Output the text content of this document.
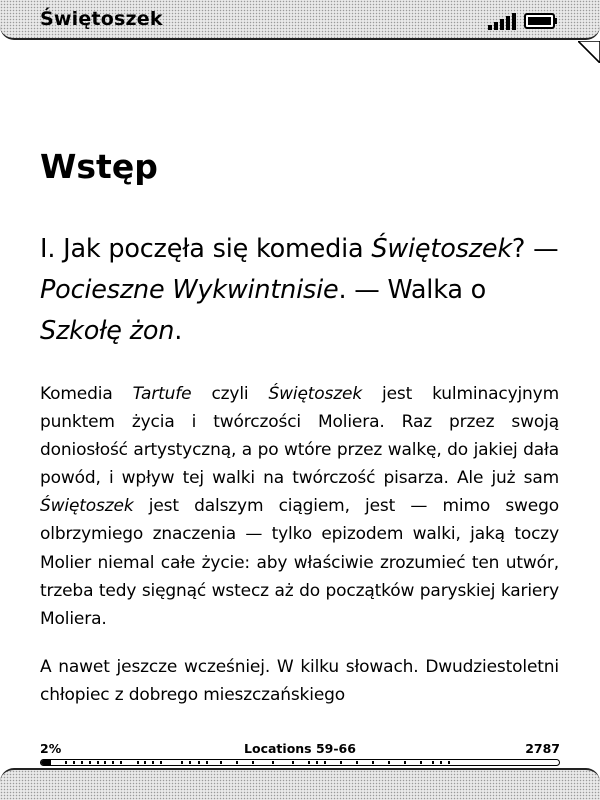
Świętoszek
Wstęp
I. Jak poczęła się komedia Świętoszek? — Pocieszne Wykwintnisie. — Walka o Szkołę żon.

Komedia Tartufe czyli Świętoszek jest kulminacyjnym punktem życia i twórczości Moliera. Raz przez swoją doniosłość artystyczną, a po wtóre przez walkę, do jakiej dała powód, i wpływ tej walki na twórczość pisarza. Ale już sam Świętoszek jest dalszym ciągiem, jest — mimo swego olbrzymiego znaczenia — tylko epizodem walki, jaką toczy Molier niemal całe życie: aby właściwie zrozumieć ten utwór, trzeba tedy sięgnąć wstecz aż do początków paryskiej kariery Moliera.

A nawet jeszcze wcześniej. W kilku słowach. Dwudziestoletni chłopiec z dobrego mieszczańskiego

2%	Locations 59-66	2787
